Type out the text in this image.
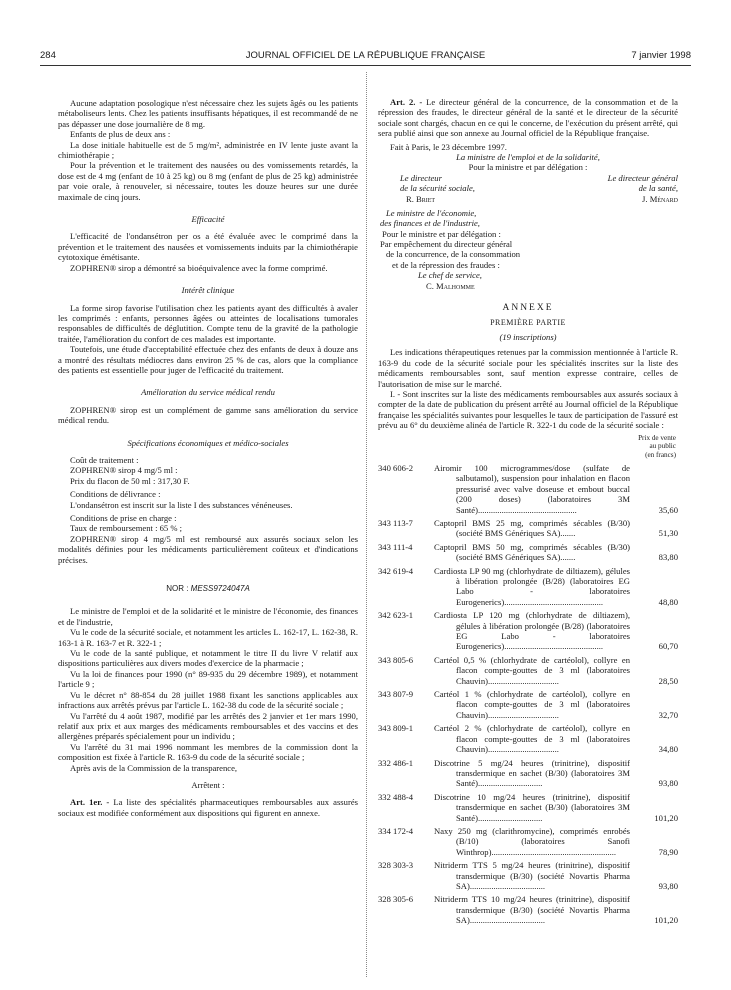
284	JOURNAL OFFICIEL DE LA RÉPUBLIQUE FRANÇAISE	7 janvier 1998

Aucune adaptation posologique n'est nécessaire chez les sujets âgés ou les patients métaboliseurs lents. Chez les patients insuffisants hépatiques, il est recommandé de ne pas dépasser une dose journalière de 8 mg.

Enfants de plus de deux ans :

La dose initiale habituelle est de 5 mg/m², administrée en IV lente juste avant la chimiothérapie ;

Pour la prévention et le traitement des nausées ou des vomissements retardés, la dose est de 4 mg (enfant de 10 à 25 kg) ou 8 mg (enfant de plus de 25 kg) administrée par voie orale, à renouveler, si nécessaire, toutes les douze heures sur une durée maximale de cinq jours.

Efficacité

L'efficacité de l'ondansétron per os a été évaluée avec le comprimé dans la prévention et le traitement des nausées et vomissements induits par la chimiothérapie cytotoxique émétisante.

ZOPHREN® sirop a démontré sa bioéquivalence avec la forme comprimé.

Intérêt clinique

La forme sirop favorise l'utilisation chez les patients ayant des difficultés à avaler les comprimés : enfants, personnes âgées ou atteintes de localisations tumorales responsables de difficultés de déglutition. Compte tenu de la gravité de la pathologie traitée, l'amélioration du confort de ces malades est importante.

Toutefois, une étude d'acceptabilité effectuée chez des enfants de deux à douze ans a montré des résultats médiocres dans environ 25 % de cas, alors que la compliance des patients est essentielle pour juger de l'efficacité du traitement.

Amélioration du service médical rendu

ZOPHREN® sirop est un complément de gamme sans amélioration du service médical rendu.

Spécifications économiques et médico-sociales

Coût de traitement :

ZOPHREN® sirop 4 mg/5 ml :

Prix du flacon de 50 ml : 317,30 F.

Conditions de délivrance :

L'ondansétron est inscrit sur la liste I des substances vénéneuses.

Conditions de prise en charge :

Taux de remboursement : 65 % ;

ZOPHREN® sirop 4 mg/5 ml est remboursé aux assurés sociaux selon les modalités définies pour les médicaments particulièrement coûteux et d'indications précises.

NOR : MESS9724047A

Le ministre de l'emploi et de la solidarité et le ministre de l'économie, des finances et de l'industrie,

Vu le code de la sécurité sociale, et notamment les articles L. 162-17, L. 162-38, R. 163-1 à R. 163-7 et R. 322-1 ;

Vu le code de la santé publique, et notamment le titre II du livre V relatif aux dispositions particulières aux divers modes d'exercice de la pharmacie ;

Vu la loi de finances pour 1990 (n° 89-935 du 29 décembre 1989), et notamment l'article 9 ;

Vu le décret n° 88-854 du 28 juillet 1988 fixant les sanctions applicables aux infractions aux arrêtés prévus par l'article L. 162-38 du code de la sécurité sociale ;

Vu l'arrêté du 4 août 1987, modifié par les arrêtés des 2 janvier et 1er mars 1990, relatif aux prix et aux marges des médicaments remboursables et des vaccins et des allergènes préparés spécialement pour un individu ;

Vu l'arrêté du 31 mai 1996 nommant les membres de la commission dont la composition est fixée à l'article R. 163-9 du code de la sécurité sociale ;

Après avis de la Commission de la transparence,

Arrêtent :

Art. 1er. - La liste des spécialités pharmaceutiques remboursables aux assurés sociaux est modifiée conformément aux dispositions qui figurent en annexe.

Art. 2. - Le directeur général de la concurrence, de la consommation et de la répression des fraudes, le directeur général de la santé et le directeur de la sécurité sociale sont chargés, chacun en ce qui le concerne, de l'exécution du présent arrêté, qui sera publié ainsi que son annexe au Journal officiel de la République française.

Fait à Paris, le 23 décembre 1997.

La ministre de l'emploi et de la solidarité,

Pour la ministre et par délégation :

Le directeur
de la sécurité sociale,
Le directeur général
de la santé,
R. Briet	J. Ménard

Le ministre de l'économie,

des finances et de l'industrie,

Pour le ministre et par délégation :

Par empêchement du directeur général

de la concurrence, de la consommation

et de la répression des fraudes :

Le chef de service,

C. Malhomme

ANNEXE

PREMIÈRE PARTIE

(19 inscriptions)

Les indications thérapeutiques retenues par la commission mentionnée à l'article R. 163-9 du code de la sécurité sociale pour les spécialités inscrites sur la liste des médicaments remboursables sont, sauf mention expresse contraire, celles de l'autorisation de mise sur le marché.

I. - Sont inscrites sur la liste des médicaments remboursables aux assurés sociaux à compter de la date de publication du présent arrêté au Journal officiel de la République française les spécialités suivantes pour lesquelles le taux de participation de l'assuré est prévu au 6° du deuxième alinéa de l'article R. 322-1 du code de la sécurité sociale :

Prix de vente
au public
(en francs)
340 606-2	Airomir 100 microgrammes/dose (sulfate de salbutamol), suspension pour inhalation en flacon pressurisé avec valve doseuse et embout buccal (200 doses) (laboratoires 3M Santé)..............................................	35,60
343 113-7	Captopril BMS 25 mg, comprimés sécables (B/30) (société BMS Génériques SA).......	51,30
343 111-4	Captopril BMS 50 mg, comprimés sécables (B/30) (société BMS Génériques SA).......	83,80
342 619-4	Cardiosta LP 90 mg (chlorhydrate de diltiazem), gélules à libération prolongée (B/28) (laboratoires EG Labo - laboratoires Eurogenerics)..............................................	48,80
342 623-1	Cardiosta LP 120 mg (chlorhydrate de diltiazem), gélules à libération prolongée (B/28) (laboratoires EG Labo - laboratoires Eurogenerics)..............................................	60,70
343 805-6	Cartéol 0,5 % (chlorhydrate de cartéolol), collyre en flacon compte-gouttes de 3 ml (laboratoires Chauvin).................................	28,50
343 807-9	Cartéol 1 % (chlorhydrate de cartéolol), collyre en flacon compte-gouttes de 3 ml (laboratoires Chauvin).................................	32,70
343 809-1	Cartéol 2 % (chlorhydrate de cartéolol), collyre en flacon compte-gouttes de 3 ml (laboratoires Chauvin).................................	34,80
332 486-1	Discotrine 5 mg/24 heures (trinitrine), dispositif transdermique en sachet (B/30) (laboratoires 3M Santé)..............................	93,80
332 488-4	Discotrine 10 mg/24 heures (trinitrine), dispositif transdermique en sachet (B/30) (laboratoires 3M Santé)..............................	101,20
334 172-4	Naxy 250 mg (clarithromycine), comprimés enrobés (B/10) (laboratoires Sanofi Winthrop)..........................................................	78,90
328 303-3	Nitriderm TTS 5 mg/24 heures (trinitrine), dispositif transdermique (B/30) (société Novartis Pharma SA)...................................	93,80
328 305-6	Nitriderm TTS 10 mg/24 heures (trinitrine), dispositif transdermique (B/30) (société Novartis Pharma SA)...................................	101,20
